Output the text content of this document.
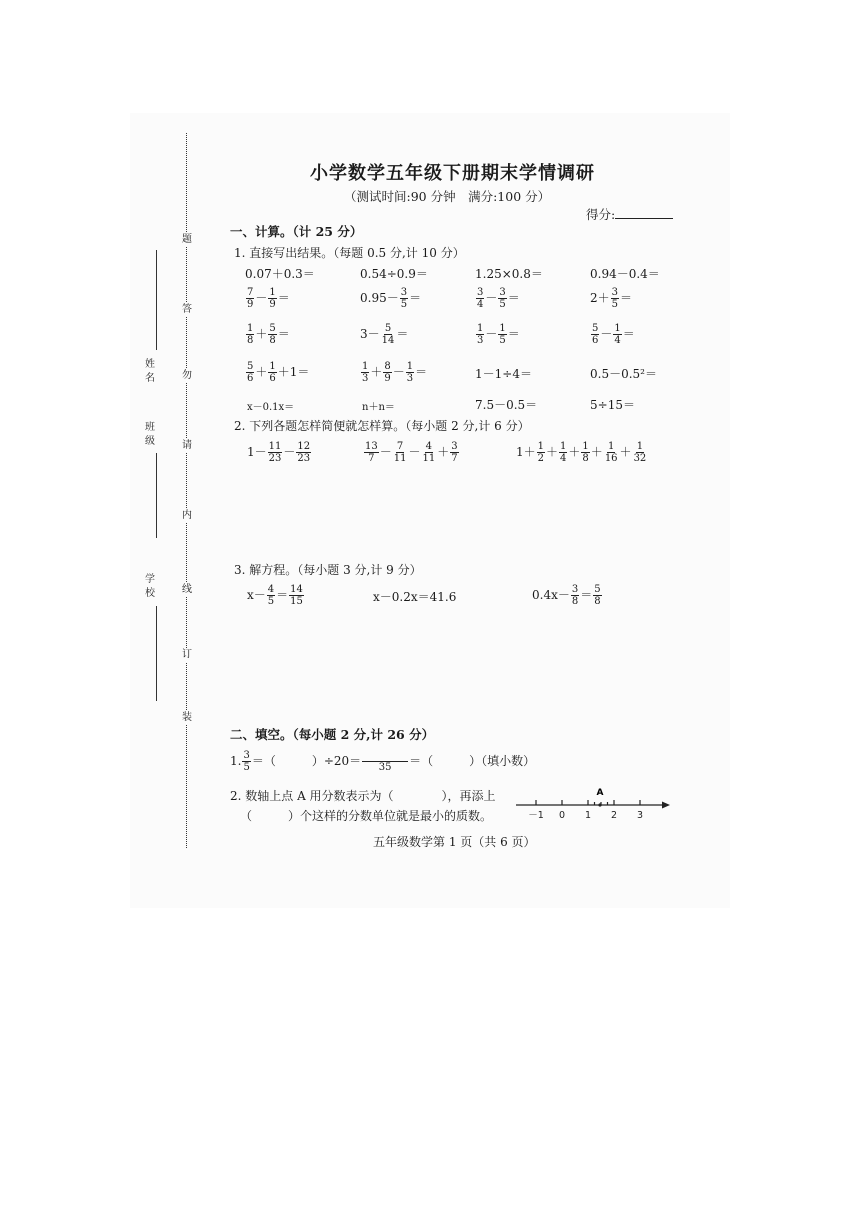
题
答
勿
请
内
线
订
装
姓名
班级
学校
小学数学五年级下册期末学情调研
（测试时间:90 分钟　满分:100 分）
得分:
一、计算。（计 25 分）
1. 直接写出结果。（每题 0.5 分,计 10 分）
0.07＋0.3＝	0.54÷0.9＝	1.25×0.8＝	0.94－0.4＝
$\frac{7}{9} - \frac{1}{9}$ ＝	$0.95- \frac{3}{5}$ ＝	$\frac{3}{4} - \frac{3}{5}$ ＝	$2+ \frac{3}{5}$ ＝
$\frac{1}{8} + \frac{5}{8}$ ＝	$3- \frac{5}{14}$ ＝	$\frac{1}{3} - \frac{1}{5}$ ＝	$\frac{5}{6} - \frac{1}{4}$ ＝
$\frac{5}{6} + \frac{1}{6} +1=$	$\frac{1}{3} + \frac{8}{9} - \frac{1}{3}$ ＝	1－1÷4＝	0.5－0.5²＝
x－0.1x＝	n＋n＝	7.5－0.5＝	5÷15＝
2. 下列各题怎样简便就怎样算。（每小题 2 分,计 6 分）
$1- \frac{11}{23} - \frac{12}{23}$	$\frac{13}{7} - \frac{7}{11} - \frac{4}{11} + \frac{3}{7}$	$1+ \frac{1}{2} + \frac{1}{4} + \frac{1}{8} + \frac{1}{16} + \frac{1}{32}$
3. 解方程。（每小题 3 分,计 9 分）
$x- \frac{4}{5} = \frac{14}{15}$	x－0.2x＝41.6	$0.4x- \frac{3}{8} = \frac{5}{8}$
二、填空。（每小题 2 分,计 26 分）
1. $\frac{3}{5}$ ＝（　　　）÷20＝
35 ＝（　　　）（填小数）
2. 数轴上点 A 用分数表示为（　　　　），再添上
（　　　）个这样的分数单位就是最小的质数。	－1 0 1 2 3
A
五年级数学第 1 页（共 6 页）
